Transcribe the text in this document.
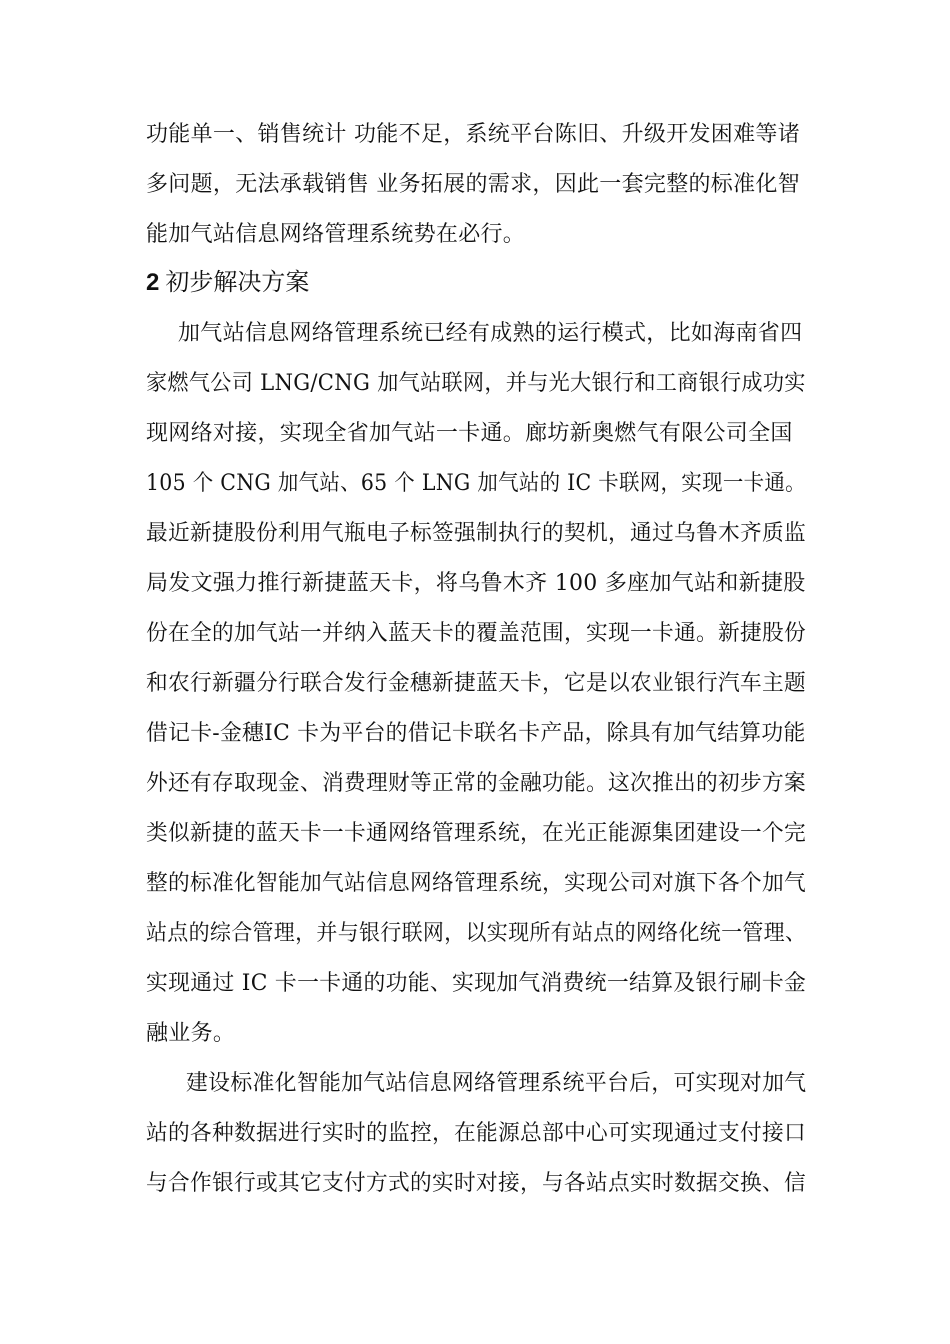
功能单一、销售统计 功能不足，系统平台陈旧、升级开发困难等诸
多问题，无法承载销售 业务拓展的需求，因此一套完整的标准化智
能加气站信息网络管理系统势在必行。
2 初步解决方案
加气站信息网络管理系统已经有成熟的运行模式，比如海南省四
家燃气公司 LNG/CNG 加气站联网，并与光大银行和工商银行成功实
现网络对接，实现全省加气站一卡通。廊坊新奥燃气有限公司全国
105 个 CNG 加气站、65 个 LNG 加气站的 IC 卡联网，实现一卡通。
最近新捷股份利用气瓶电子标签强制执行的契机，通过乌鲁木齐质监
局发文强力推行新捷蓝天卡，将乌鲁木齐 100 多座加气站和新捷股
份在全的加气站一并纳入蓝天卡的覆盖范围，实现一卡通。新捷股份
和农行新疆分行联合发行金穗新捷蓝天卡，它是以农业银行汽车主题
借记卡-金穗IC 卡为平台的借记卡联名卡产品，除具有加气结算功能
外还有存取现金、消费理财等正常的金融功能。这次推出的初步方案
类似新捷的蓝天卡一卡通网络管理系统，在光正能源集团建设一个完
整的标准化智能加气站信息网络管理系统，实现公司对旗下各个加气
站点的综合管理，并与银行联网，以实现所有站点的网络化统一管理、
实现通过 IC 卡一卡通的功能、实现加气消费统一结算及银行刷卡金
融业务。
建设标准化智能加气站信息网络管理系统平台后，可实现对加气
站的各种数据进行实时的监控，在能源总部中心可实现通过支付接口
与合作银行或其它支付方式的实时对接，与各站点实时数据交换、信
